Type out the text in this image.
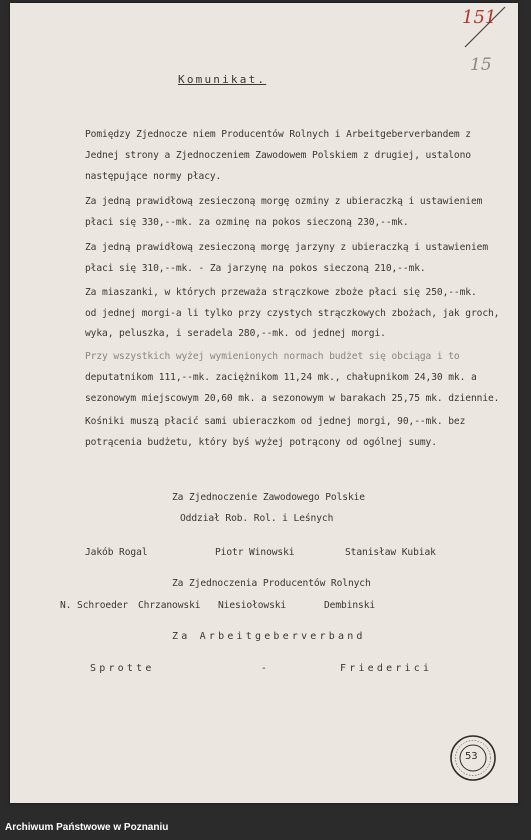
151
15
Komunikat.
Pomiędzy Zjednocze niem Producentów Rolnych i Arbeitgeberverbandem z
Jednej strony a Zjednoczeniem Zawodowem Polskiem z drugiej, ustalono
następujące normy płacy.
Za jedną prawidłową zesieczoną morgę ozminy z ubieraczką i ustawieniem
płaci się 330,--mk. za ozminę na pokos sieczoną 230,--mk.
Za jedną prawidłową zesieczoną morgę jarzyny z ubieraczką i ustawieniem
płaci się 310,--mk. - Za jarzynę na pokos sieczoną 210,--mk.
Za miaszanki, w których przeważa strączkowe zboże płaci się 250,--mk.
od jednej morgi-a li tylko przy czystych strączkowych zbożach, jak groch,
wyka, peluszka, i seradela 280,--mk. od jednej morgi.
Przy wszystkich wyżej wymienionych normach budżet się obciąga i to
deputatnikom 111,--mk. zaciężnikom 11,24 mk., chałupnikom 24,30 mk. a
sezonowym miejscowym 20,60 mk. a sezonowym w barakach 25,75 mk. dziennie.
Kośniki muszą płacić sami ubieraczkom od jednej morgi, 90,--mk. bez
potrącenia budżetu, który byś wyżej potrącony od ogólnej sumy.
Za Zjednoczenie Zawodowego Polskie
Oddział Rob. Rol. i Leśnych
Jakób Rogal	Piotr Winowski	Stanisław Kubiak
Za Zjednoczenia Producentów Rolnych
N. Schroeder Chrzanowski Niesiołowski	Dembinski
Za Arbeitgeberverband
Sprotte	-	Friederici
53
Archiwum Państwowe w Poznaniu
